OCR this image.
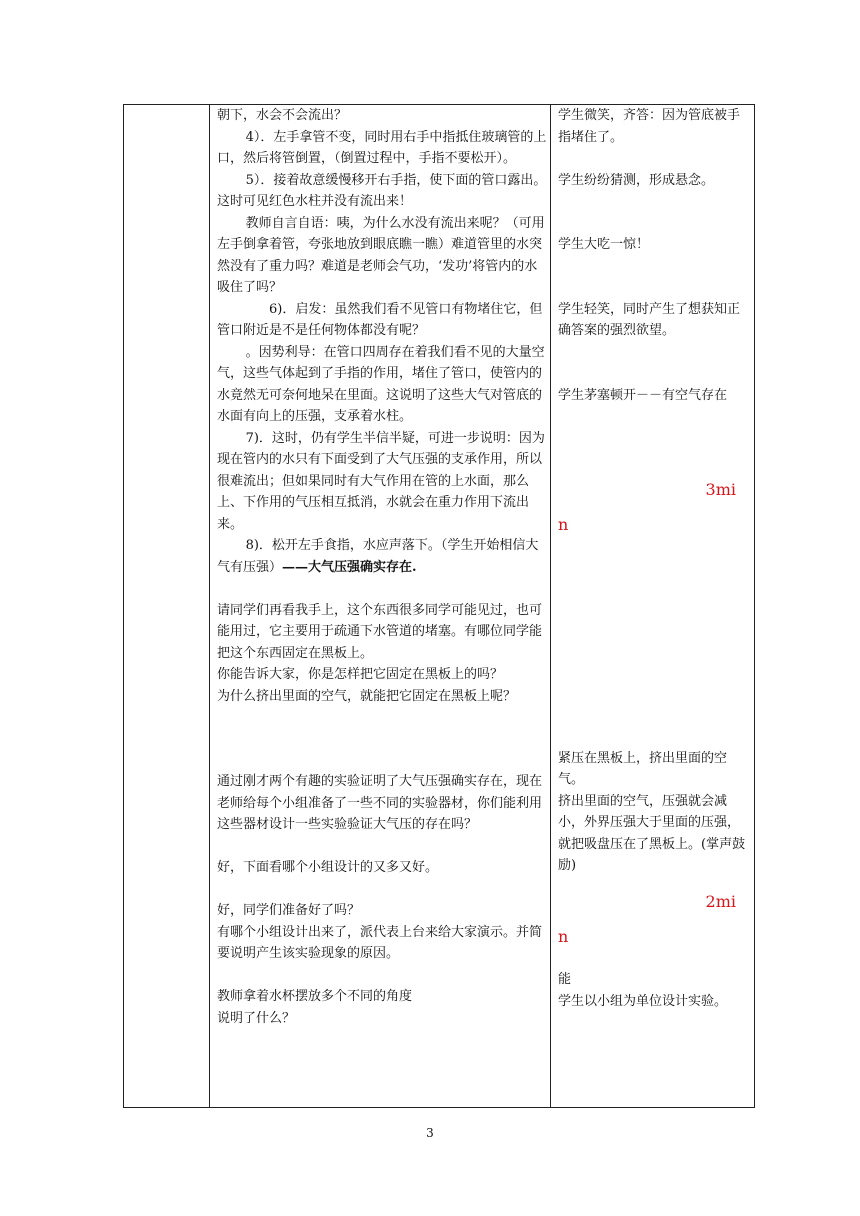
朝下，水会不会流出？

4）．左手拿管不变，同时用右手中指抵住玻璃管的上口，然后将管倒置，（倒置过程中，手指不要松开）。

5）．接着故意缓慢移开右手指，使下面的管口露出。这时可见红色水柱并没有流出来！

教师自言自语：咦，为什么水没有流出来呢？（可用左手倒拿着管，夸张地放到眼底瞧一瞧）难道管里的水突然没有了重力吗？难道是老师会气功，‘发功’将管内的水吸住了吗？

6)．启发：虽然我们看不见管口有物堵住它，但管口附近是不是任何物体都没有呢？

。因势利导：在管口四周存在着我们看不见的大量空气，这些气体起到了手指的作用，堵住了管口，使管内的水竟然无可奈何地呆在里面。这说明了这些大气对管底的水面有向上的压强，支承着水柱。

7)．这时，仍有学生半信半疑，可进一步说明：因为现在管内的水只有下面受到了大气压强的支承作用，所以很难流出；但如果同时有大气作用在管的上水面，那么上、下作用的气压相互抵消，水就会在重力作用下流出来。

8)．松开左手食指，水应声落下。（学生开始相信大气有压强）——大气压强确实存在.

请同学们再看我手上，这个东西很多同学可能见过，也可能用过，它主要用于疏通下水管道的堵塞。有哪位同学能把这个东西固定在黑板上。

你能告诉大家，你是怎样把它固定在黑板上的吗？

为什么挤出里面的空气，就能把它固定在黑板上呢？

通过刚才两个有趣的实验证明了大气压强确实存在，现在老师给每个小组准备了一些不同的实验器材，你们能利用这些器材设计一些实验验证大气压的存在吗？

好，下面看哪个小组设计的又多又好。

好，同学们准备好了吗？

有哪个小组设计出来了，派代表上台来给大家演示。并简要说明产生该实验现象的原因。

教师拿着水杯摆放多个不同的角度

说明了什么？

学生微笑，齐答：因为管底被手指堵住了。

学生纷纷猜测，形成悬念。

学生大吃一惊！

学生轻笑，同时产生了想获知正确答案的强烈欲望。

学生茅塞顿开－－有空气存在

3mi

n

紧压在黑板上，挤出里面的空气。

挤出里面的空气，压强就会减小，外界压强大于里面的压强，就把吸盘压在了黑板上。(掌声鼓励)

2mi

n

能

学生以小组为单位设计实验。

3
